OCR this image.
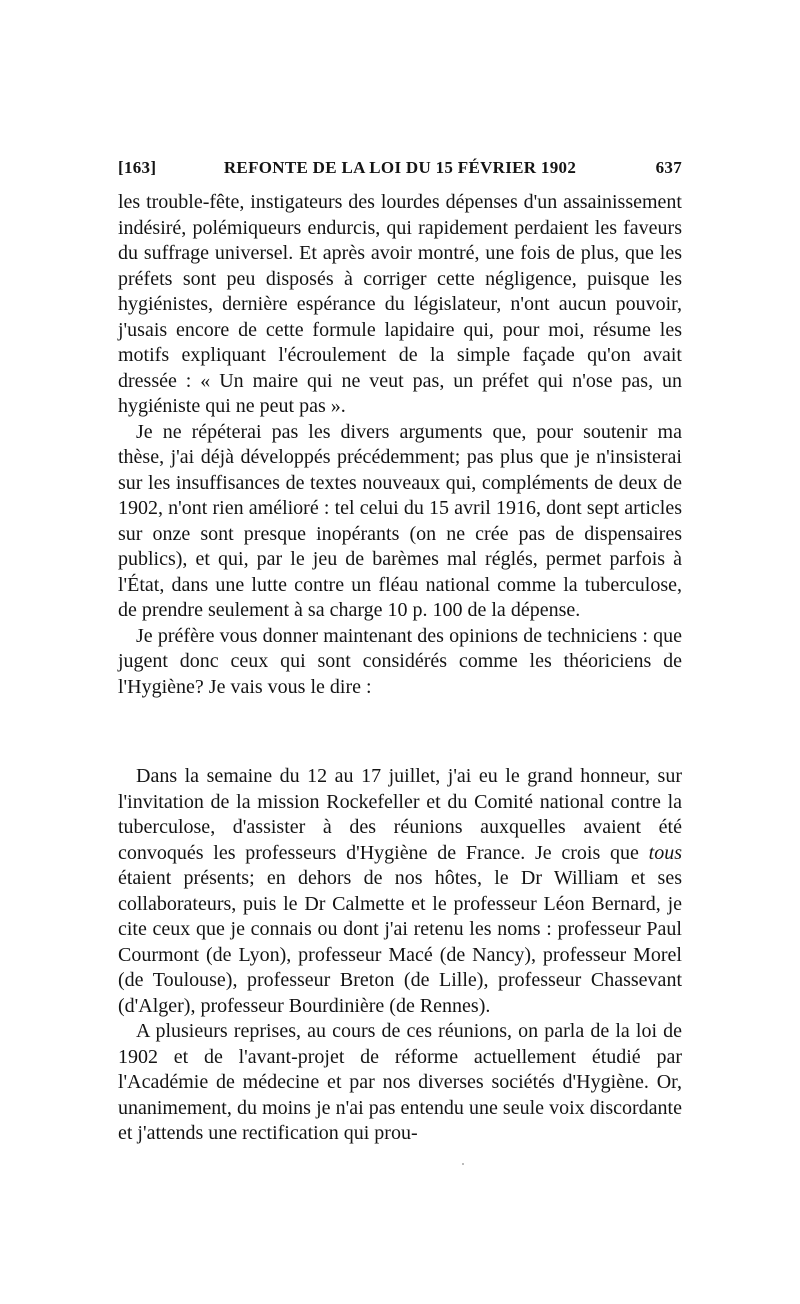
[163]	REFONTE DE LA LOI DU 15 FÉVRIER 1902	637

les trouble-fête, instigateurs des lourdes dépenses d'un assainissement indésiré, polémiqueurs endurcis, qui rapidement perdaient les faveurs du suffrage universel. Et après avoir montré, une fois de plus, que les préfets sont peu disposés à corriger cette négligence, puisque les hygiénistes, dernière espérance du législateur, n'ont aucun pouvoir, j'usais encore de cette formule lapidaire qui, pour moi, résume les motifs expliquant l'écroulement de la simple façade qu'on avait dressée : « Un maire qui ne veut pas, un préfet qui n'ose pas, un hygiéniste qui ne peut pas ».

Je ne répéterai pas les divers arguments que, pour soutenir ma thèse, j'ai déjà développés précédemment; pas plus que je n'insisterai sur les insuffisances de textes nouveaux qui, compléments de deux de 1902, n'ont rien amélioré : tel celui du 15 avril 1916, dont sept articles sur onze sont presque inopérants (on ne crée pas de dispensaires publics), et qui, par le jeu de barèmes mal réglés, permet parfois à l'État, dans une lutte contre un fléau national comme la tuberculose, de prendre seulement à sa charge 10 p. 100 de la dépense.

Je préfère vous donner maintenant des opinions de techniciens : que jugent donc ceux qui sont considérés comme les théoriciens de l'Hygiène? Je vais vous le dire :

Dans la semaine du 12 au 17 juillet, j'ai eu le grand honneur, sur l'invitation de la mission Rockefeller et du Comité national contre la tuberculose, d'assister à des réunions auxquelles avaient été convoqués les professeurs d'Hygiène de France. Je crois que tous étaient présents; en dehors de nos hôtes, le Dr William et ses collaborateurs, puis le Dr Calmette et le professeur Léon Bernard, je cite ceux que je connais ou dont j'ai retenu les noms : professeur Paul Courmont (de Lyon), professeur Macé (de Nancy), professeur Morel (de Toulouse), professeur Breton (de Lille), professeur Chassevant (d'Alger), professeur Bourdinière (de Rennes).

A plusieurs reprises, au cours de ces réunions, on parla de la loi de 1902 et de l'avant-projet de réforme actuellement étudié par l'Académie de médecine et par nos diverses sociétés d'Hygiène. Or, unanimement, du moins je n'ai pas entendu une seule voix discordante et j'attends une rectification qui prou-
